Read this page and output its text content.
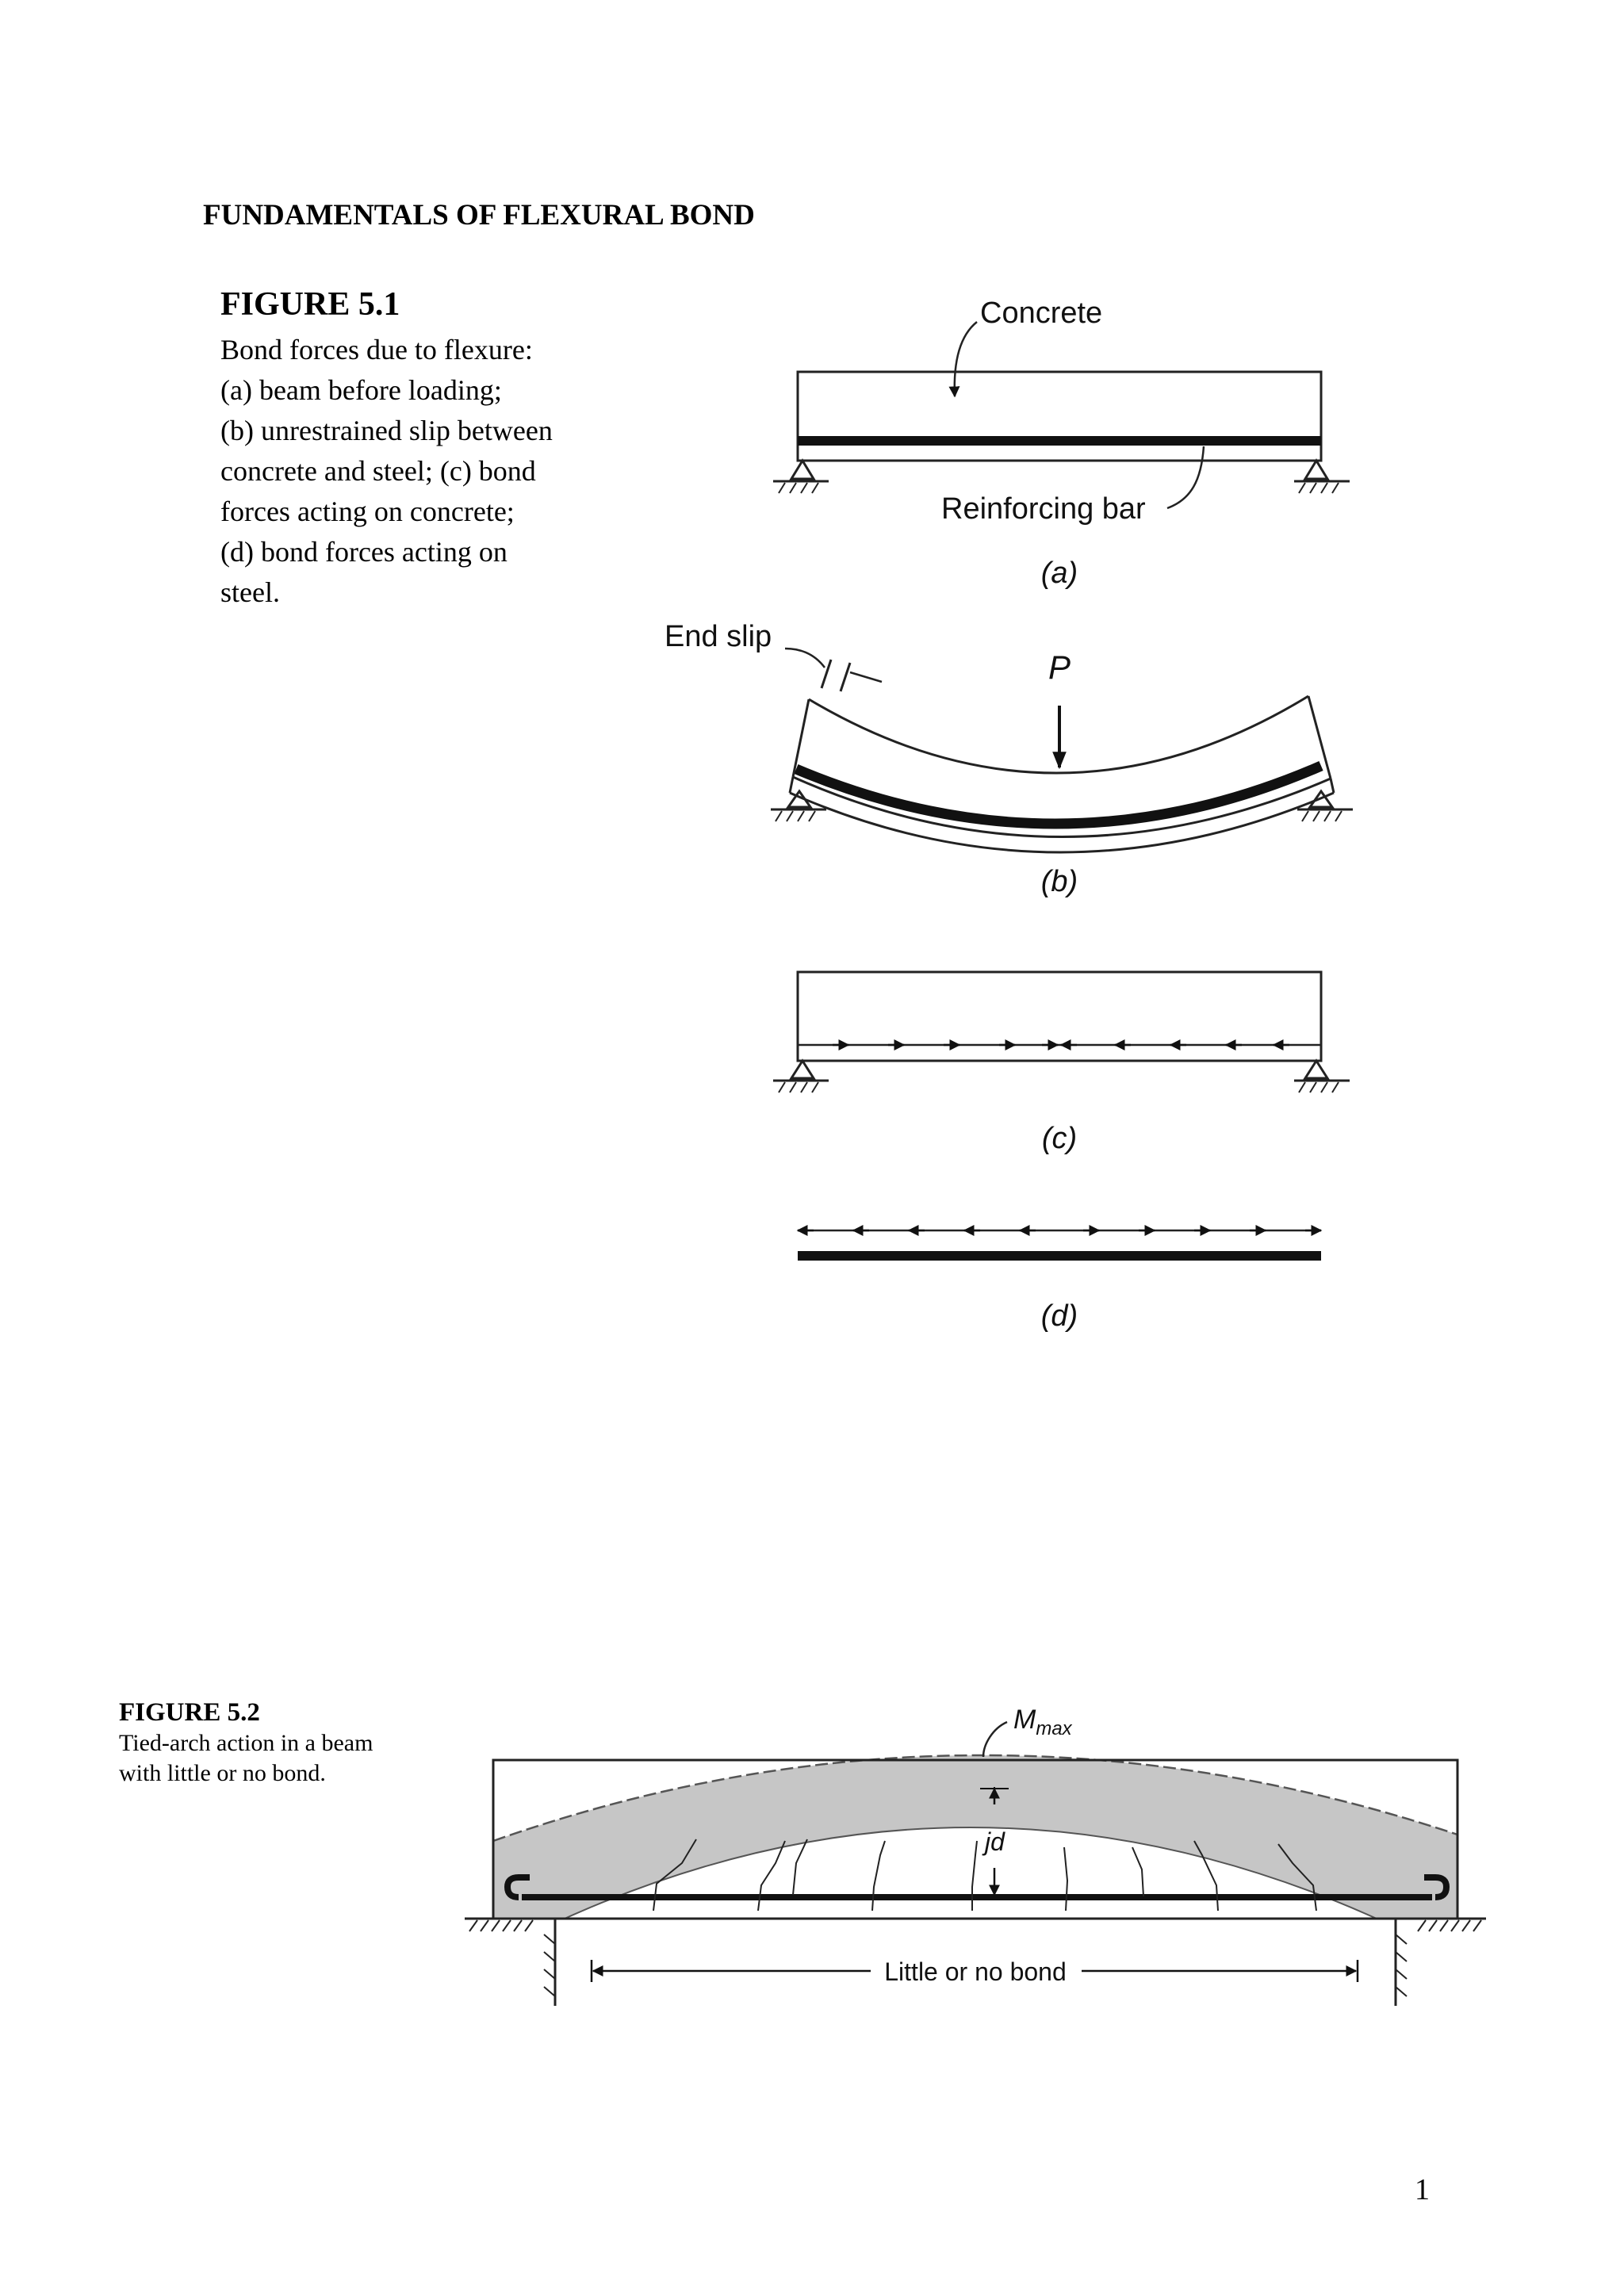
FUNDAMENTALS OF FLEXURAL BOND

FIGURE 5.1

Bond forces due to flexure:

(a) beam before loading;

(b) unrestrained slip between

concrete and steel; (c) bond

forces acting on concrete;

(d) bond forces acting on

steel.

FIGURE 5.2

Tied-arch action in a beam

with little or no bond.

Concrete
Reinforcing bar
(a)
End slip
P
(b)
(c)
(d)
$M_{max}$
jd
Little or no bond
1
